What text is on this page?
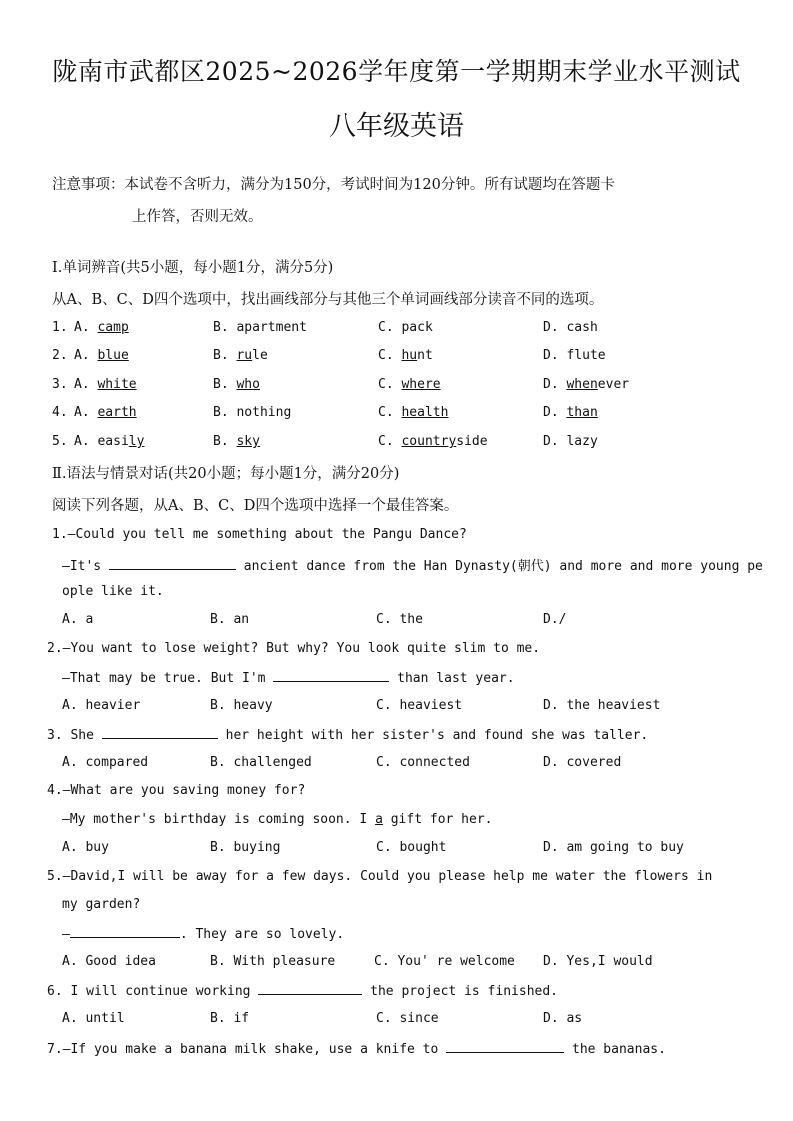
陇南市武都区2025~2026学年度第一学期期末学业水平测试
八年级英语
注意事项：本试卷不含听力，满分为150分，考试时间为120分钟。所有试题均在答题卡
上作答，否则无效。
I.单词辨音(共5小题，每小题1分，满分5分)
从A、B、C、D四个选项中，找出画线部分与其他三个单词画线部分读音不同的选项。
1. A. camp	B. apartment	C. pack	D. cash
2. A. blue	B. rule	C. hunt	D. flute
3. A. white	B. who	C. where	D. whenever
4. A. earth	B. nothing	C. health	D. than
5. A. easily	B. sky	C. countryside	D. lazy
Ⅱ.语法与情景对话(共20小题；每小题1分，满分20分)
阅读下列各题，从A、B、C、D四个选项中选择一个最佳答案。
1.—Could you tell me something about the Pangu Dance?
—It's	ancient dance from the Han Dynasty(朝代) and more and more young pe
ople like it.
A. a	B. an	C. the	D./
2.—You want to lose weight? But why? You look quite slim to me.
—That may be true. But I'm	than last year.
A. heavier	B. heavy	C. heaviest	D. the heaviest
3. She	her height with her sister's and found she was taller.
A. compared	B. challenged	C. connected	D. covered
4.—What are you saving money for?
—My mother's birthday is coming soon. I a gift for her.
A. buy	B. buying	C. bought	D. am going to buy
5.—David,I will be away for a few days. Could you please help me water the flowers in
my garden?
—	. They are so lovely.
A. Good idea	B. With pleasure	C. You' re welcome D. Yes,I would
6. I will continue working	the project is finished.
A. until	B. if	C. since	D. as
7.—If you make a banana milk shake, use a knife to	the bananas.
